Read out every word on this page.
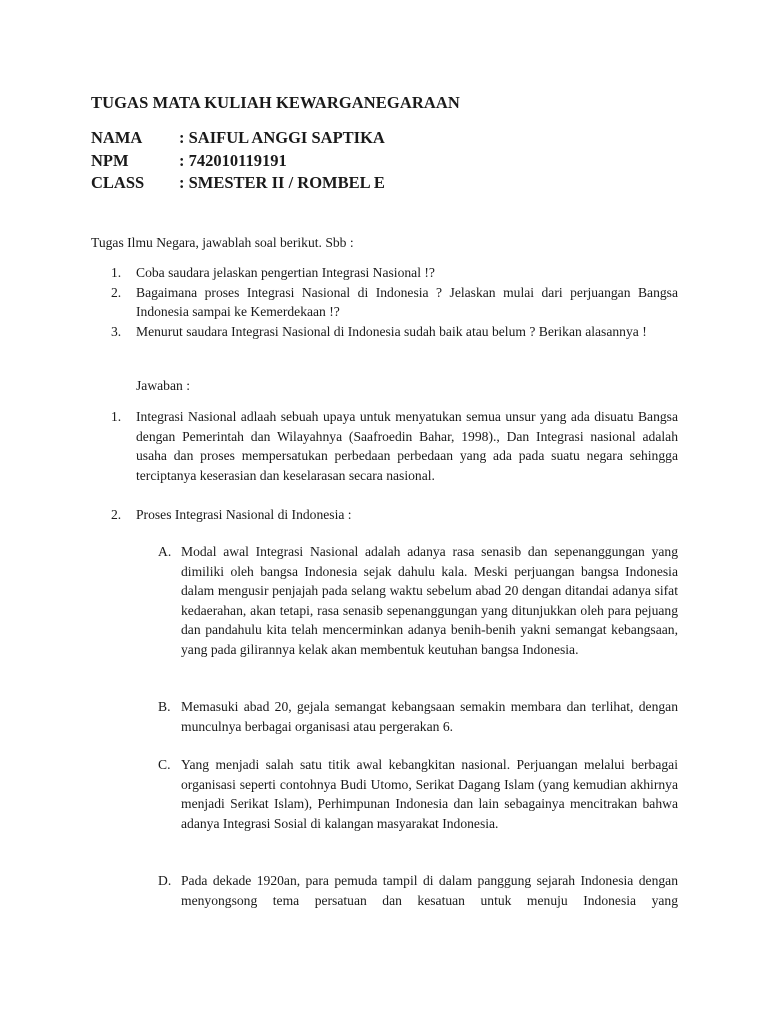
TUGAS MATA KULIAH KEWARGANEGARAAN
NAMA	: SAIFUL ANGGI SAPTIKA
NPM	: 742010119191
CLASS	: SMESTER II / ROMBEL E
Tugas Ilmu Negara, jawablah soal berikut. Sbb :
1.	Coba saudara jelaskan pengertian Integrasi Nasional !?
2.	Bagaimana proses Integrasi Nasional di Indonesia ? Jelaskan mulai dari perjuangan Bangsa Indonesia sampai ke Kemerdekaan !?
3.	Menurut saudara Integrasi Nasional di Indonesia sudah baik atau belum ? Berikan alasannya !
Jawaban :
1.	Integrasi Nasional adlaah sebuah upaya untuk menyatukan semua unsur yang ada disuatu Bangsa dengan Pemerintah dan Wilayahnya (Saafroedin Bahar, 1998)., Dan Integrasi nasional adalah usaha dan proses mempersatukan perbedaan perbedaan yang ada pada suatu negara sehingga terciptanya keserasian dan keselarasan secara nasional.
2.	Proses Integrasi Nasional di Indonesia :
A. Modal awal Integrasi Nasional adalah adanya rasa senasib dan sepenanggungan yang dimiliki oleh bangsa Indonesia sejak dahulu kala. Meski perjuangan bangsa Indonesia dalam mengusir penjajah pada selang waktu sebelum abad 20 dengan ditandai adanya sifat kedaerahan, akan tetapi, rasa senasib sepenanggungan yang ditunjukkan oleh para pejuang dan pandahulu kita telah mencerminkan adanya benih-benih yakni semangat kebangsaan, yang pada gilirannya kelak akan membentuk keutuhan bangsa Indonesia.
B. Memasuki abad 20, gejala semangat kebangsaan semakin membara dan terlihat, dengan munculnya berbagai organisasi atau pergerakan 6.
C. Yang menjadi salah satu titik awal kebangkitan nasional. Perjuangan melalui berbagai organisasi seperti contohnya Budi Utomo, Serikat Dagang Islam (yang kemudian akhirnya menjadi Serikat Islam), Perhimpunan Indonesia dan lain sebagainya mencitrakan bahwa adanya Integrasi Sosial di kalangan masyarakat Indonesia.
D. Pada dekade 1920an, para pemuda tampil di dalam panggung sejarah Indonesia dengan menyongsong tema persatuan dan kesatuan untuk menuju Indonesia yang
